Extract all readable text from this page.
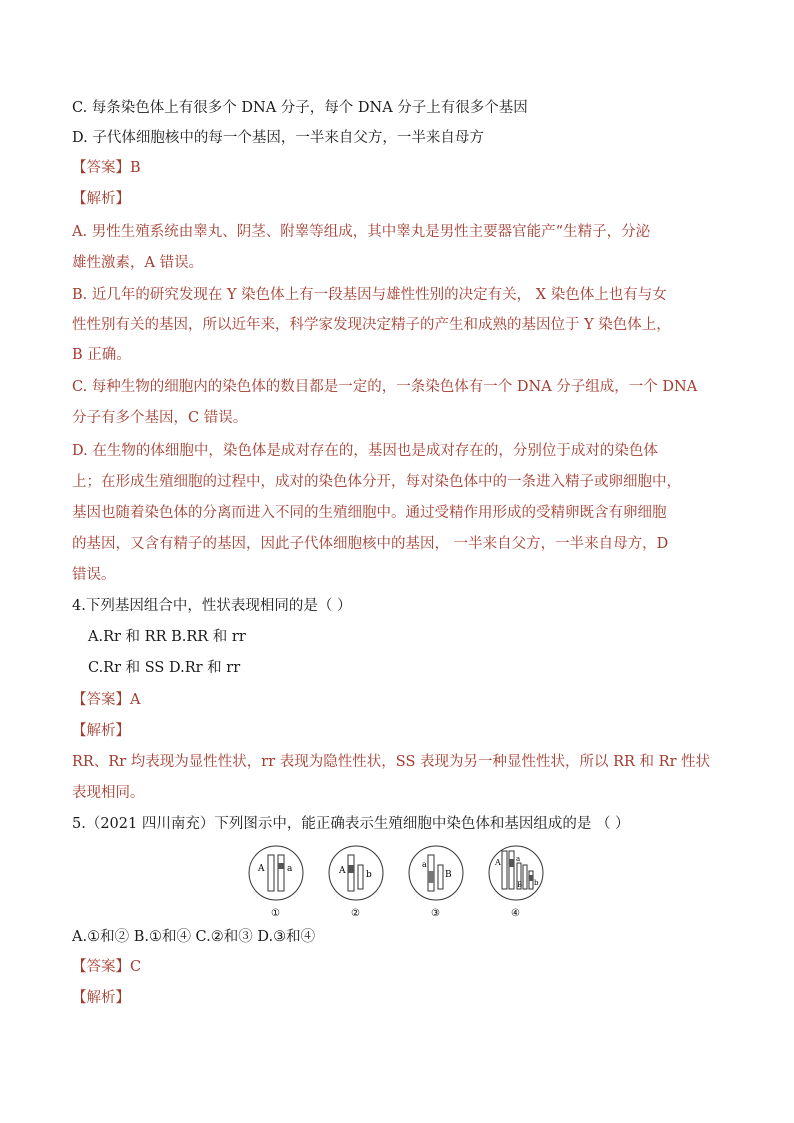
C. 每条染色体上有很多个 DNA 分子，每个 DNA 分子上有很多个基因
D. 子代体细胞核中的每一个基因，一半来自父方，一半来自母方
【答案】B
【解析】
A. 男性生殖系统由睾丸、阴茎、附睾等组成，其中睾丸是男性主要器官能产“生精子，分泌
雄性激素，A 错误。
B. 近几年的研究发现在 Y 染色体上有一段基因与雄性性别的决定有关， X 染色体上也有与女
性性别有关的基因，所以近年来，科学家发现决定精子的产生和成熟的基因位于 Y 染色体上，
B 正确。
C. 每种生物的细胞内的染色体的数目都是一定的，一条染色体有一个 DNA 分子组成，一个 DNA
分子有多个基因，C 错误。
D. 在生物的体细胞中，染色体是成对存在的，基因也是成对存在的，分别位于成对的染色体
上；在形成生殖细胞的过程中，成对的染色体分开，每对染色体中的一条进入精子或卵细胞中，
基因也随着染色体的分离而进入不同的生殖细胞中。通过受精作用形成的受精卵既含有卵细胞
的基因，又含有精子的基因，因此子代体细胞核中的基因， 一半来自父方，一半来自母方，D
错误。
4.下列基因组合中，性状表现相同的是（ ）
A.Rr 和 RR B.RR 和 rr
C.Rr 和 SS D.Rr 和 rr
【答案】A
【解析】
RR、Rr 均表现为显性性状，rr 表现为隐性性状，SS 表现为另一种显性性状，所以 RR 和 Rr 性状
表现相同。
5.（2021 四川南充）下列图示中，能正确表示生殖细胞中染色体和基因组成的是 （ ）
A	a
①
A b
②
a
B
③
A a
B b
④
A.①和② B.①和④ C.②和③ D.③和④
【答案】C
【解析】
